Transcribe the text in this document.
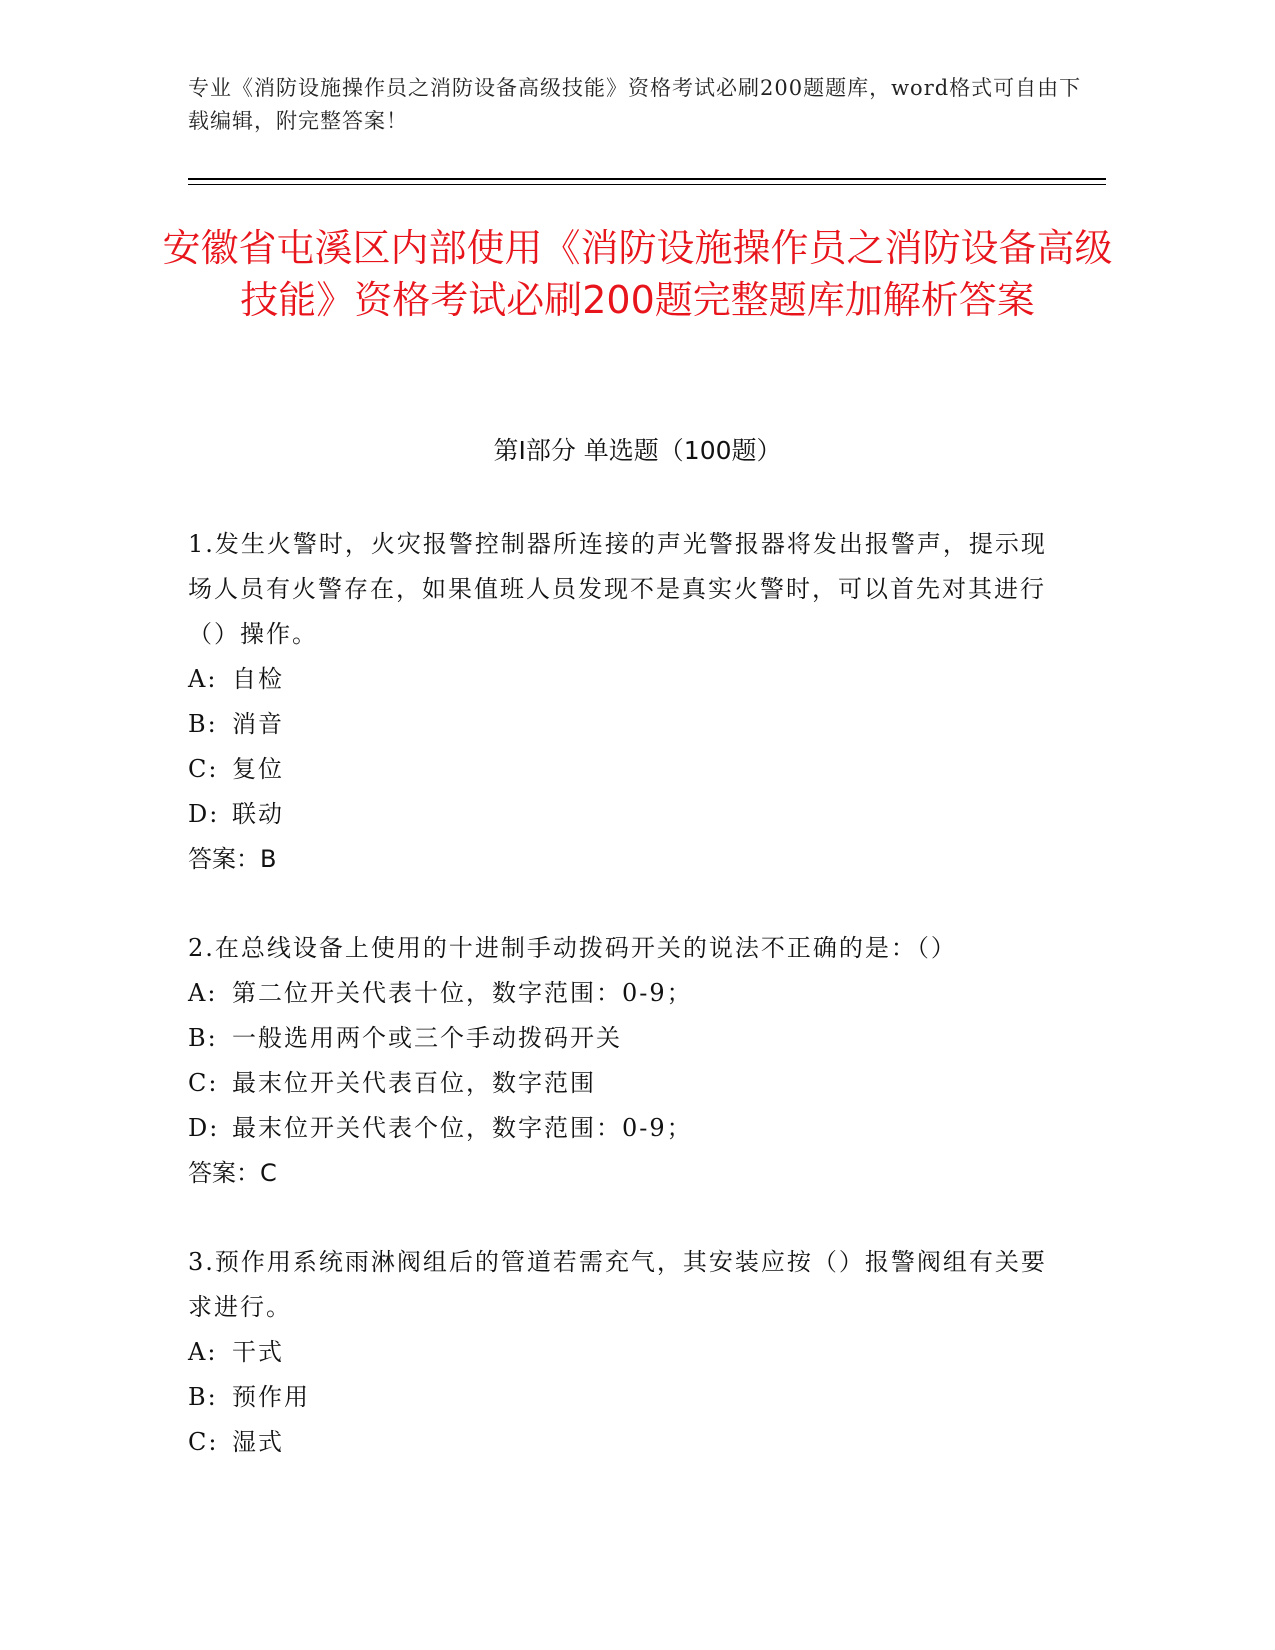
专业《消防设施操作员之消防设备高级技能》资格考试必刷200题题库，word格式可自由下载编辑，附完整答案！
安徽省屯溪区内部使用《消防设施操作员之消防设备高级技能》资格考试必刷200题完整题库加解析答案
第Ⅰ部分 单选题（100题）

1.发生火警时，火灾报警控制器所连接的声光警报器将发出报警声，提示现场人员有火警存在，如果值班人员发现不是真实火警时，可以首先对其进行（）操作。

A: 自检

B: 消音

C: 复位

D: 联动

答案：B

2.在总线设备上使用的十进制手动拨码开关的说法不正确的是：（）

A: 第二位开关代表十位，数字范围：0-9；

B: 一般选用两个或三个手动拨码开关

C: 最末位开关代表百位，数字范围

D: 最末位开关代表个位，数字范围：0-9；

答案：C

3.预作用系统雨淋阀组后的管道若需充气，其安装应按（）报警阀组有关要求进行。

A: 干式

B: 预作用

C: 湿式
